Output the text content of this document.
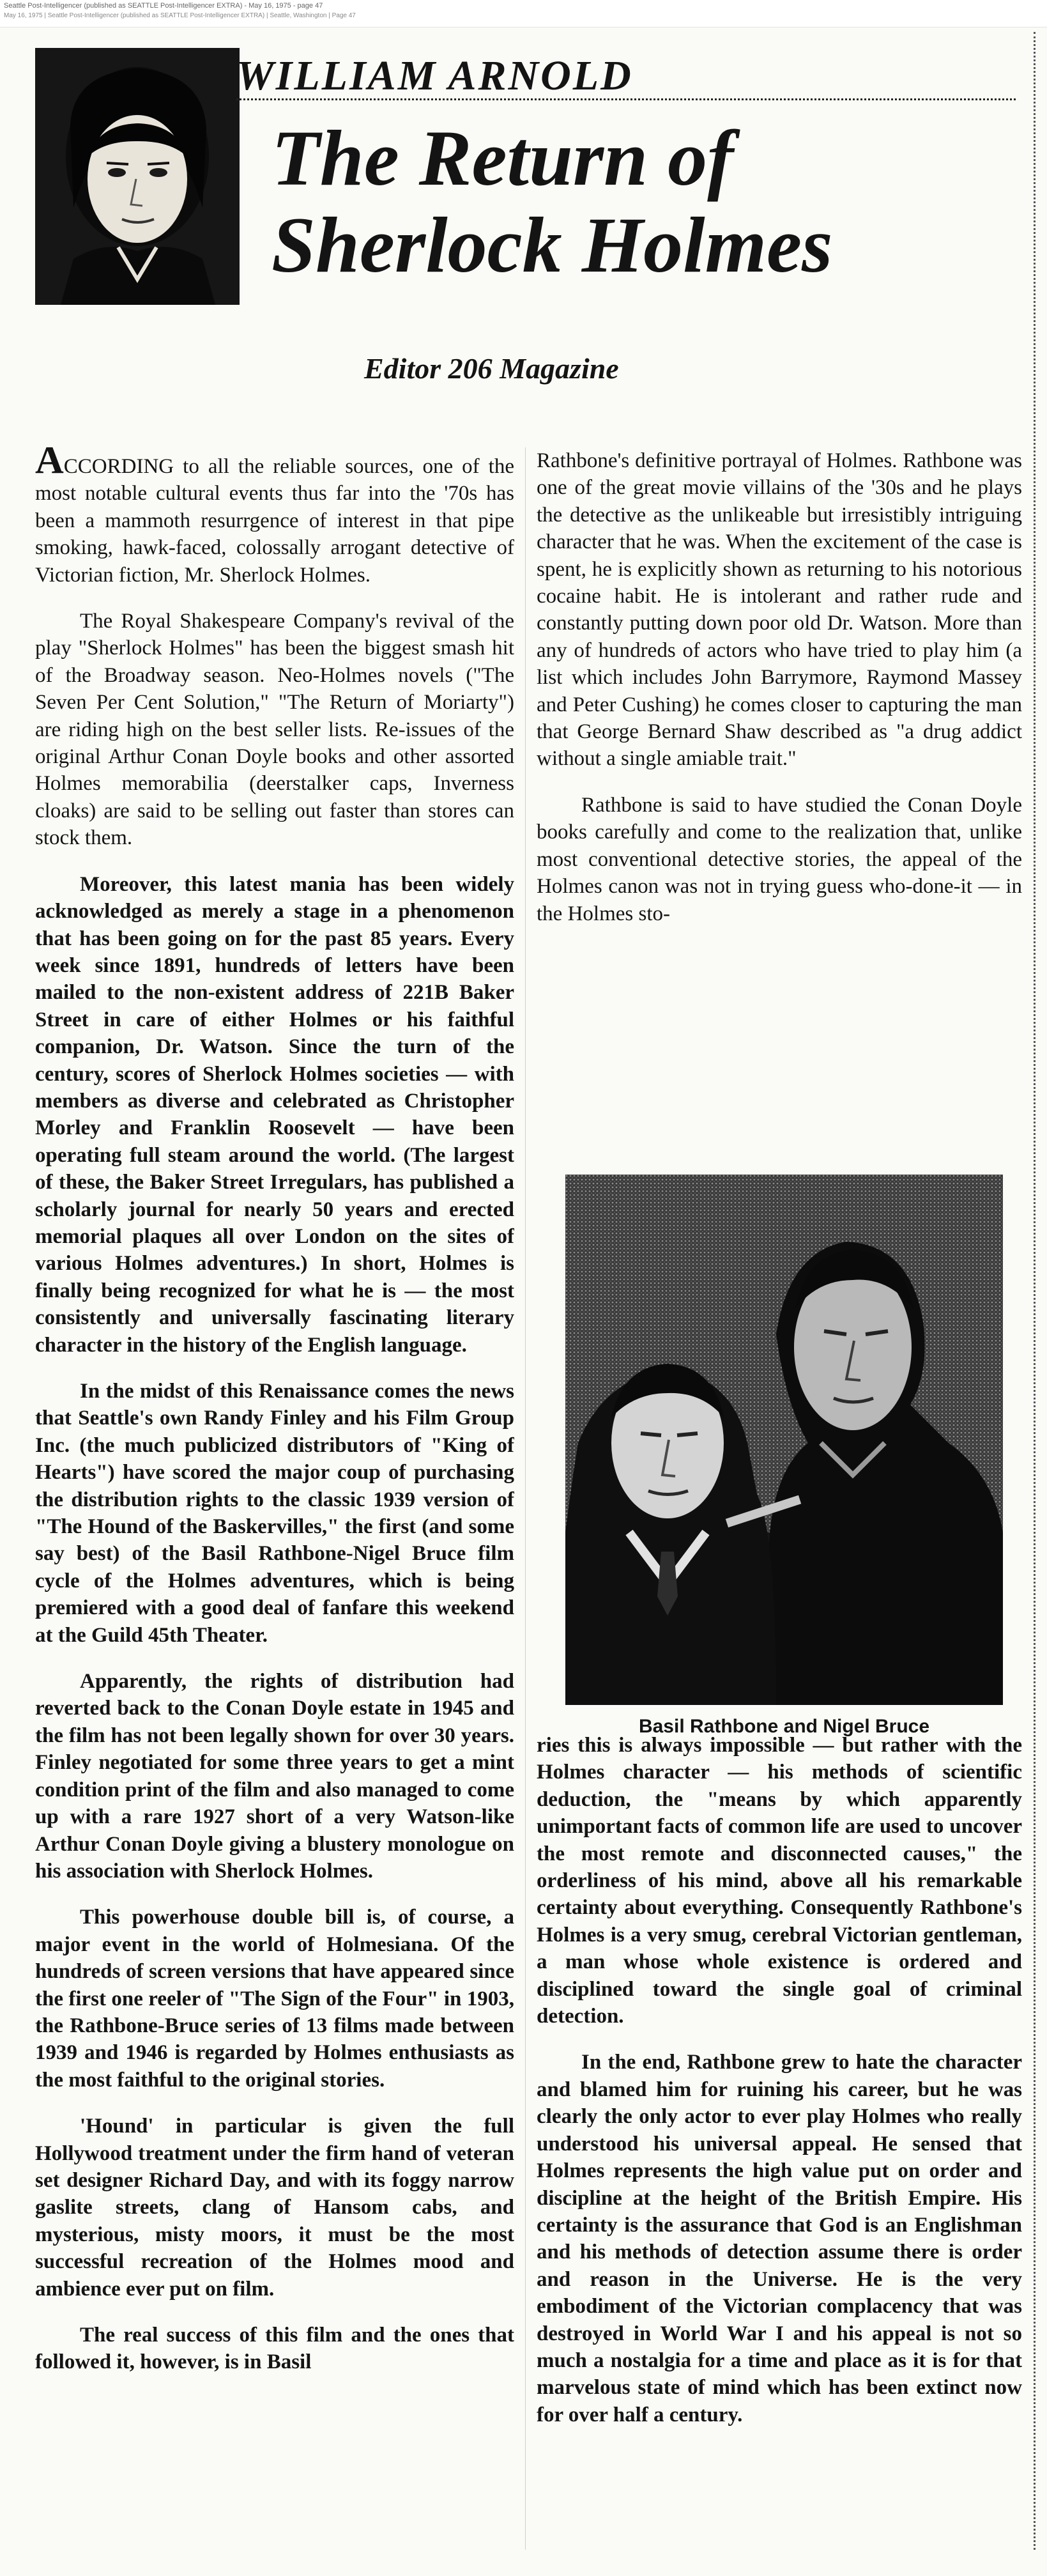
Seattle Post-Intelligencer (published as SEATTLE Post-Intelligencer EXTRA) - May 16, 1975 - page 47
May 16, 1975 | Seattle Post-Intelligencer (published as SEATTLE Post-Intelligencer EXTRA) | Seattle, Washington | Page 47
WILLIAM ARNOLD
The Return of
Sherlock Holmes
Editor 206 Magazine

ACCORDING to all the reliable sources, one of the most notable cultural events thus far into the '70s has been a mammoth resurrgence of interest in that pipe smoking, hawk-faced, colossally arrogant detective of Victorian fiction, Mr. Sherlock Holmes.

The Royal Shakespeare Company's revival of the play "Sherlock Holmes" has been the biggest smash hit of the Broadway season. Neo-Holmes novels ("The Seven Per Cent Solution," "The Return of Moriarty") are riding high on the best seller lists. Re-issues of the original Arthur Conan Doyle books and other assorted Holmes memorabilia (deerstalker caps, Inverness cloaks) are said to be selling out faster than stores can stock them.

Moreover, this latest mania has been widely acknowledged as merely a stage in a phenomenon that has been going on for the past 85 years. Every week since 1891, hundreds of letters have been mailed to the non-existent address of 221B Baker Street in care of either Holmes or his faithful companion, Dr. Watson. Since the turn of the century, scores of Sherlock Holmes societies — with members as diverse and celebrated as Christopher Morley and Franklin Roosevelt — have been operating full steam around the world. (The largest of these, the Baker Street Irregulars, has published a scholarly journal for nearly 50 years and erected memorial plaques all over London on the sites of various Holmes adventures.) In short, Holmes is finally being recognized for what he is — the most consistently and universally fascinating literary character in the history of the English language.

In the midst of this Renaissance comes the news that Seattle's own Randy Finley and his Film Group Inc. (the much publicized distributors of "King of Hearts") have scored the major coup of purchasing the distribution rights to the classic 1939 version of "The Hound of the Baskervilles," the first (and some say best) of the Basil Rathbone-Nigel Bruce film cycle of the Holmes adventures, which is being premiered with a good deal of fanfare this weekend at the Guild 45th Theater.

Apparently, the rights of distribution had reverted back to the Conan Doyle estate in 1945 and the film has not been legally shown for over 30 years. Finley negotiated for some three years to get a mint condition print of the film and also managed to come up with a rare 1927 short of a very Watson-like Arthur Conan Doyle giving a blustery monologue on his association with Sherlock Holmes.

This powerhouse double bill is, of course, a major event in the world of Holmesiana. Of the hundreds of screen versions that have appeared since the first one reeler of "The Sign of the Four" in 1903, the Rathbone-Bruce series of 13 films made between 1939 and 1946 is regarded by Holmes enthusiasts as the most faithful to the original stories.

'Hound' in particular is given the full Hollywood treatment under the firm hand of veteran set designer Richard Day, and with its foggy narrow gaslite streets, clang of Hansom cabs, and mysterious, misty moors, it must be the most successful recreation of the Holmes mood and ambience ever put on film.

The real success of this film and the ones that followed it, however, is in Basil

Rathbone's definitive portrayal of Holmes. Rathbone was one of the great movie villains of the '30s and he plays the detective as the unlikeable but irresistibly intriguing character that he was. When the excitement of the case is spent, he is explicitly shown as returning to his notorious cocaine habit. He is intolerant and rather rude and constantly putting down poor old Dr. Watson. More than any of hundreds of actors who have tried to play him (a list which includes John Barrymore, Raymond Massey and Peter Cushing) he comes closer to capturing the man that George Bernard Shaw described as "a drug addict without a single amiable trait."

Rathbone is said to have studied the Conan Doyle books carefully and come to the realization that, unlike most conventional detective stories, the appeal of the Holmes canon was not in trying guess who-done-it — in the Holmes sto-

Basil Rathbone and Nigel Bruce

ries this is always impossible — but rather with the Holmes character — his methods of scientific deduction, the "means by which apparently unimportant facts of common life are used to uncover the most remote and disconnected causes," the orderliness of his mind, above all his remarkable certainty about everything. Consequently Rathbone's Holmes is a very smug, cerebral Victorian gentleman, a man whose whole existence is ordered and disciplined toward the single goal of criminal detection.

In the end, Rathbone grew to hate the character and blamed him for ruining his career, but he was clearly the only actor to ever play Holmes who really understood his universal appeal. He sensed that Holmes represents the high value put on order and discipline at the height of the British Empire. His certainty is the assurance that God is an Englishman and his methods of detection assume there is order and reason in the Universe. He is the very embodiment of the Victorian complacency that was destroyed in World War I and his appeal is not so much a nostalgia for a time and place as it is for that marvelous state of mind which has been extinct now for over half a century.
